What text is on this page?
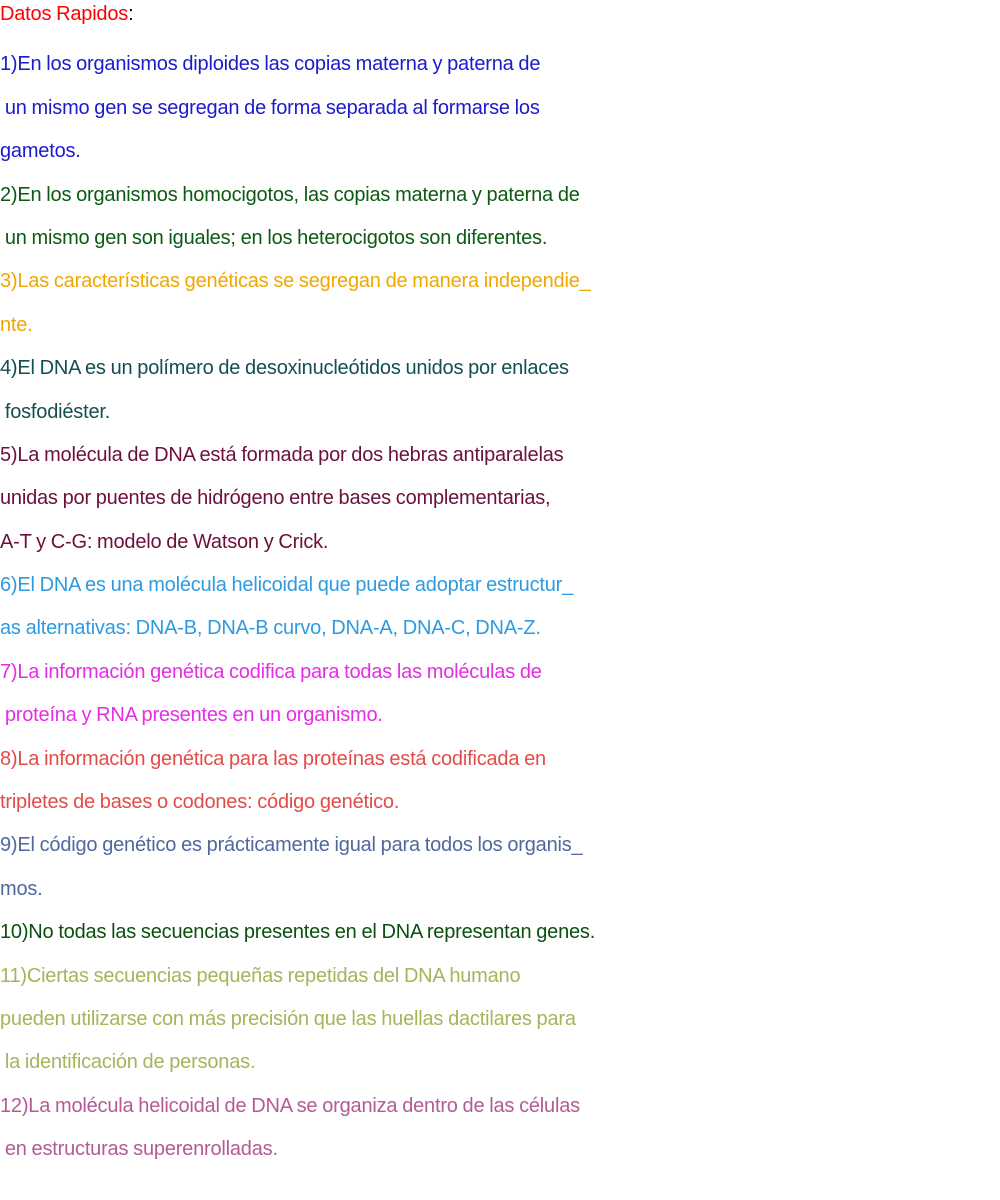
Datos Rapidos:
1)En los organismos diploides las copias materna y paterna de
un mismo gen se segregan de forma separada al formarse los
gametos.
2)En los organismos homocigotos, las copias materna y paterna de
un mismo gen son iguales; en los heterocigotos son diferentes.
3)Las características genéticas se segregan de manera independie_
nte.
4)El DNA es un polímero de desoxinucleótidos unidos por enlaces
fosfodiéster.
5)La molécula de DNA está formada por dos hebras antiparalelas
unidas por puentes de hidrógeno entre bases complementarias,
A-T y C-G: modelo de Watson y Crick.
6)El DNA es una molécula helicoidal que puede adoptar estructur_
as alternativas: DNA-B, DNA-B curvo, DNA-A, DNA-C, DNA-Z.
7)La información genética codifica para todas las moléculas de
proteína y RNA presentes en un organismo.
8)La información genética para las proteínas está codificada en
tripletes de bases o codones: código genético.
9)El código genético es prácticamente igual para todos los organis_
mos.
10)No todas las secuencias presentes en el DNA representan genes.
11)Ciertas secuencias pequeñas repetidas del DNA humano
pueden utilizarse con más precisión que las huellas dactilares para
la identificación de personas.
12)La molécula helicoidal de DNA se organiza dentro de las células
en estructuras superenrolladas.
